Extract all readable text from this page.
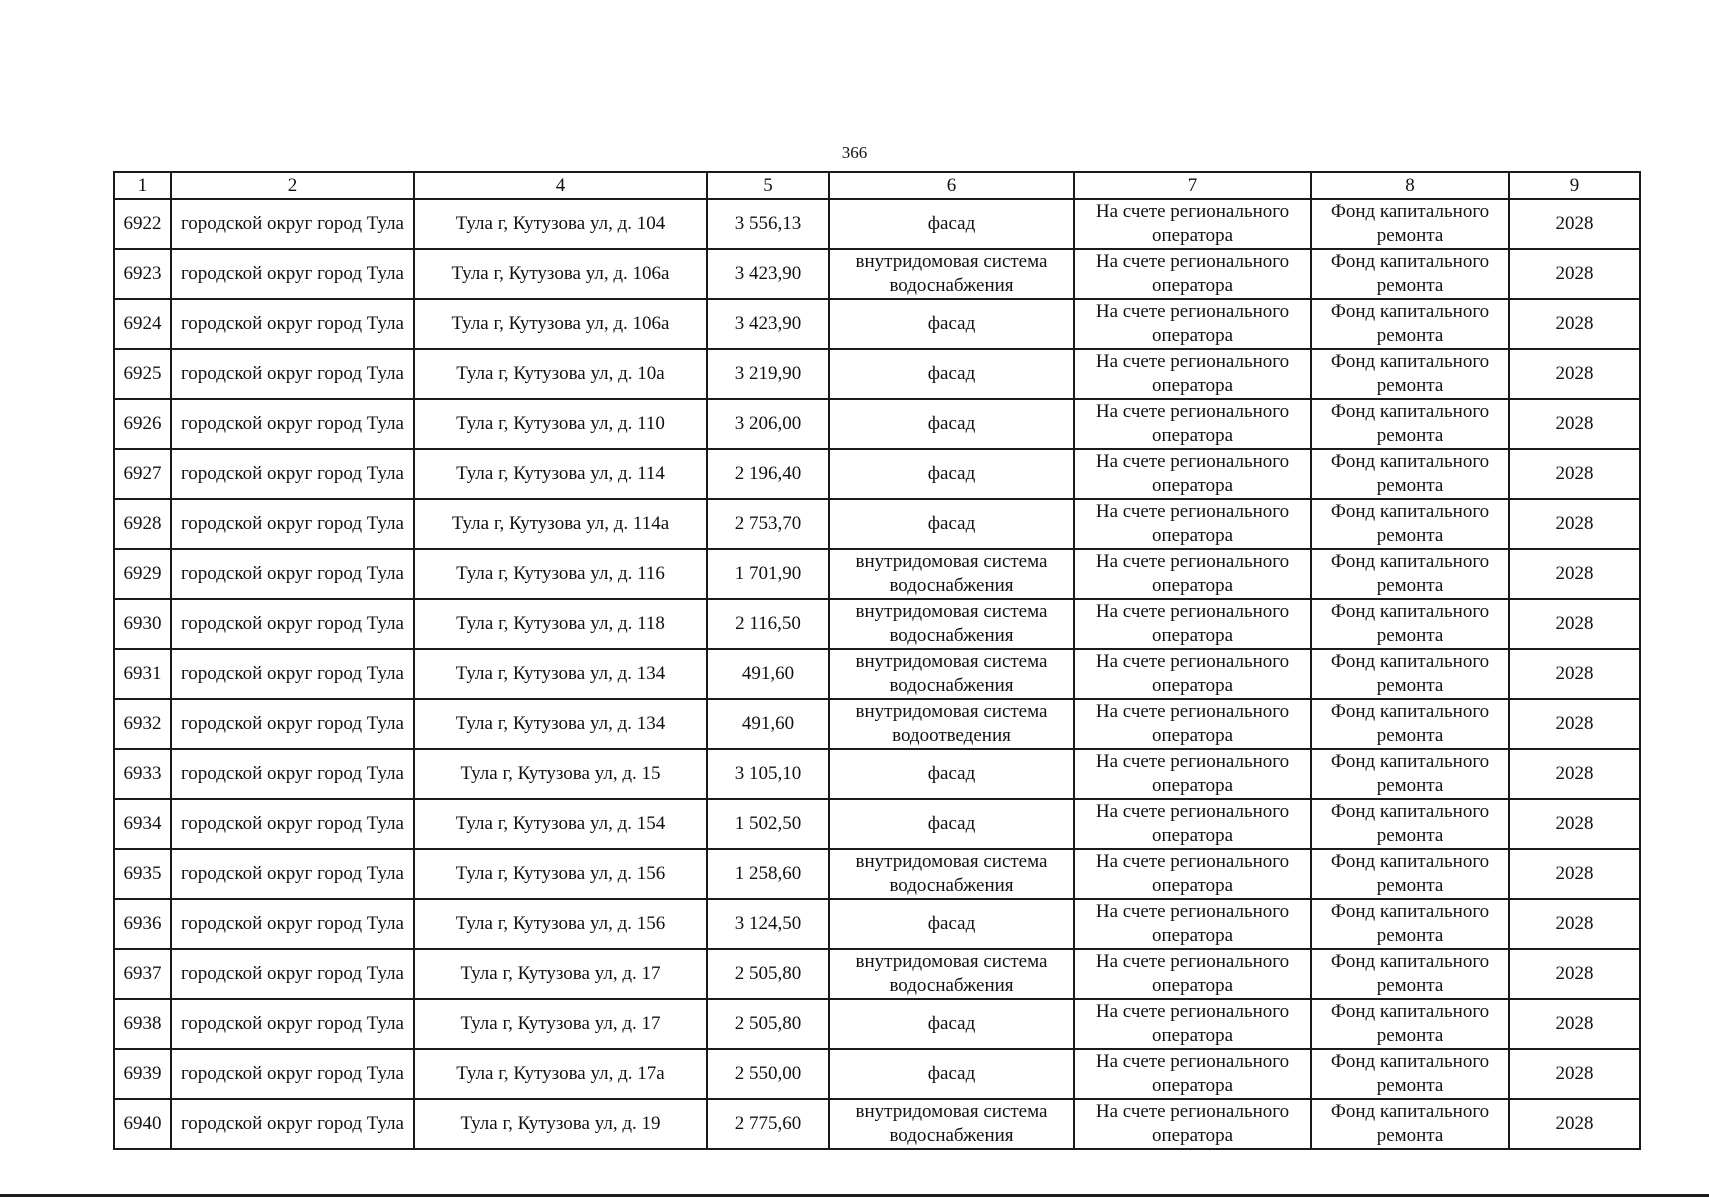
366
1	2	4	5	6	7	8	9
6922	городской округ город Тула	Тула г, Кутузова ул, д. 104	3 556,13	фасад	На счете регионального оператора	Фонд капитального ремонта	2028
6923	городской округ город Тула	Тула г, Кутузова ул, д. 106а	3 423,90	внутридомовая система водоснабжения	На счете регионального оператора	Фонд капитального ремонта	2028
6924	городской округ город Тула	Тула г, Кутузова ул, д. 106а	3 423,90	фасад	На счете регионального оператора	Фонд капитального ремонта	2028
6925	городской округ город Тула	Тула г, Кутузова ул, д. 10а	3 219,90	фасад	На счете регионального оператора	Фонд капитального ремонта	2028
6926	городской округ город Тула	Тула г, Кутузова ул, д. 110	3 206,00	фасад	На счете регионального оператора	Фонд капитального ремонта	2028
6927	городской округ город Тула	Тула г, Кутузова ул, д. 114	2 196,40	фасад	На счете регионального оператора	Фонд капитального ремонта	2028
6928	городской округ город Тула	Тула г, Кутузова ул, д. 114а	2 753,70	фасад	На счете регионального оператора	Фонд капитального ремонта	2028
6929	городской округ город Тула	Тула г, Кутузова ул, д. 116	1 701,90	внутридомовая система водоснабжения	На счете регионального оператора	Фонд капитального ремонта	2028
6930	городской округ город Тула	Тула г, Кутузова ул, д. 118	2 116,50	внутридомовая система водоснабжения	На счете регионального оператора	Фонд капитального ремонта	2028
6931	городской округ город Тула	Тула г, Кутузова ул, д. 134	491,60	внутридомовая система водоснабжения	На счете регионального оператора	Фонд капитального ремонта	2028
6932	городской округ город Тула	Тула г, Кутузова ул, д. 134	491,60	внутридомовая система водоотведения	На счете регионального оператора	Фонд капитального ремонта	2028
6933	городской округ город Тула	Тула г, Кутузова ул, д. 15	3 105,10	фасад	На счете регионального оператора	Фонд капитального ремонта	2028
6934	городской округ город Тула	Тула г, Кутузова ул, д. 154	1 502,50	фасад	На счете регионального оператора	Фонд капитального ремонта	2028
6935	городской округ город Тула	Тула г, Кутузова ул, д. 156	1 258,60	внутридомовая система водоснабжения	На счете регионального оператора	Фонд капитального ремонта	2028
6936	городской округ город Тула	Тула г, Кутузова ул, д. 156	3 124,50	фасад	На счете регионального оператора	Фонд капитального ремонта	2028
6937	городской округ город Тула	Тула г, Кутузова ул, д. 17	2 505,80	внутридомовая система водоснабжения	На счете регионального оператора	Фонд капитального ремонта	2028
6938	городской округ город Тула	Тула г, Кутузова ул, д. 17	2 505,80	фасад	На счете регионального оператора	Фонд капитального ремонта	2028
6939	городской округ город Тула	Тула г, Кутузова ул, д. 17а	2 550,00	фасад	На счете регионального оператора	Фонд капитального ремонта	2028
6940	городской округ город Тула	Тула г, Кутузова ул, д. 19	2 775,60	внутридомовая система водоснабжения	На счете регионального оператора	Фонд капитального ремонта	2028
